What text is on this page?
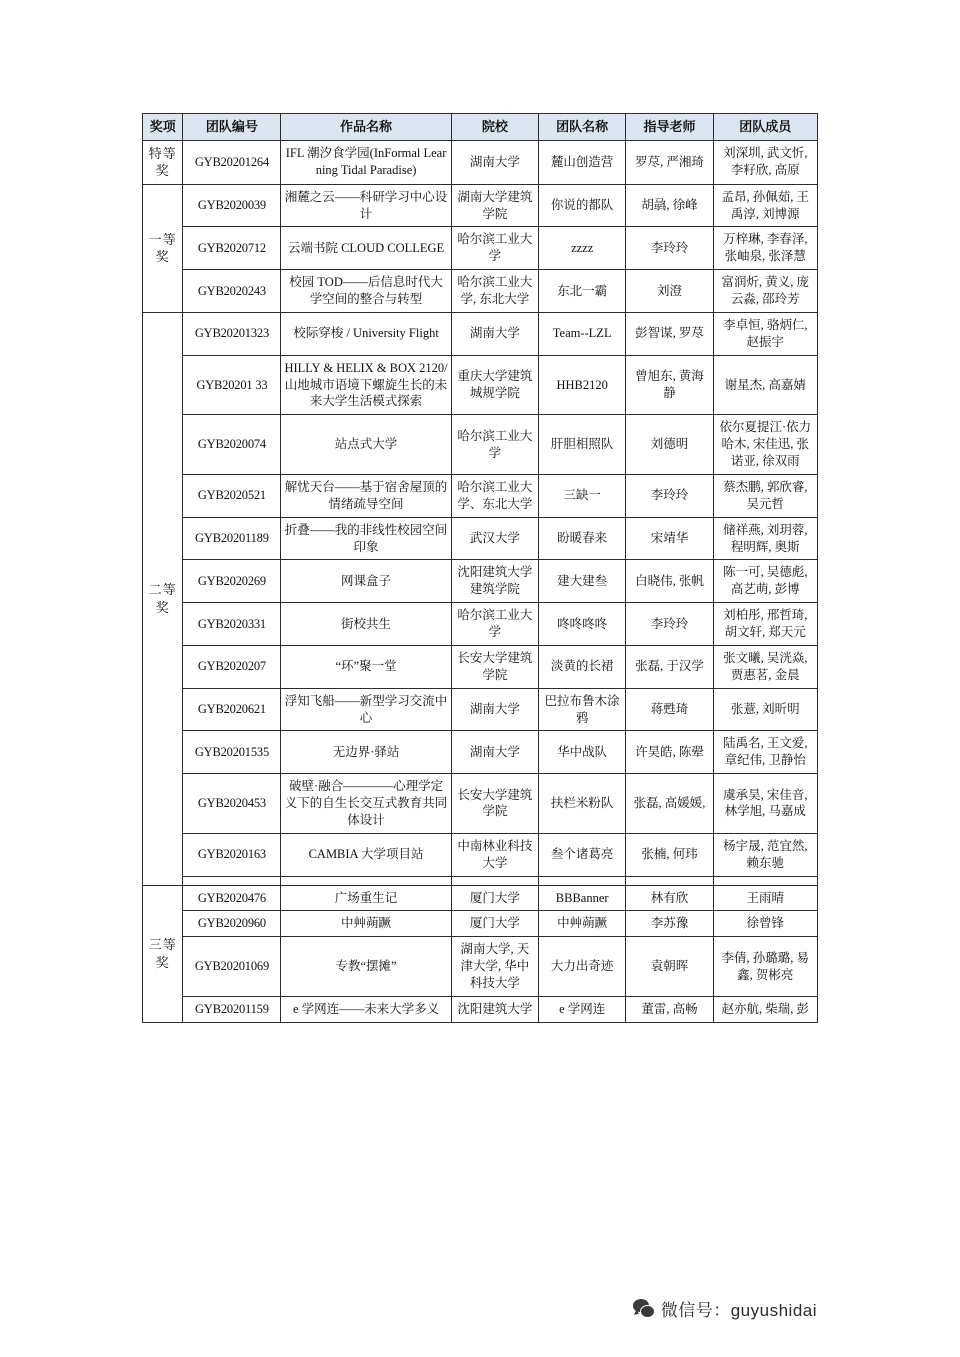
奖项	团队编号	作品名称	院校	团队名称	指导老师	团队成员
特等奖	GYB20201264	IFL 潮汐食学园(InFormal Learning Tidal Paradise)	湖南大学	麓山创造营	罗荩, 严湘琦	刘深圳, 武文忻, 李籽欣, 高原
一等奖	GYB2020039	湘麓之云——科研学习中心设计	湖南大学建筑学院	你说的都队	胡骉, 徐峰	孟昂, 孙佩茹, 王禹淳, 刘博源
	GYB2020712	云端书院 CLOUD COLLEGE	哈尔滨工业大学	zzzz	李玲玲	万梓琳, 李春泽, 张岫泉, 张泽慧
	GYB2020243	校园 TOD——后信息时代大学空间的整合与转型	哈尔滨工业大学, 东北大学	东北一霸	刘澄	富润炘, 黄义, 庞云淼, 邵玲芳
二等奖	GYB20201323	校际穿梭 / University Flight	湖南大学	Team--LZL	彭智谋, 罗荩	李卓恒, 骆炳仁, 赵振宇
	GYB20201 33	HILLY & HELIX & BOX 2120/山地城市语境下螺旋生长的未来大学生活模式探索	重庆大学建筑城规学院	HHB2120	曾旭东, 黄海静	谢星杰, 高嘉婧
	GYB2020074	站点式大学	哈尔滨工业大学	肝胆相照队	刘德明	依尔夏提江·依力哈木, 宋佳迅, 张诺亚, 徐双雨
	GYB2020521	解忧天台——基于宿舍屋顶的情绪疏导空间	哈尔滨工业大学、东北大学	三缺一	李玲玲	蔡杰鹏, 郭欣睿, 吴元哲
	GYB20201189	折叠——我的非线性校园空间印象	武汉大学	盼暖春来	宋靖华	储祥燕, 刘玥蓉, 程明辉, 奥斯
	GYB2020269	网课盒子	沈阳建筑大学建筑学院	建大建叁	白晓伟, 张帆	陈一可, 吴德彪, 高艺萌, 彭博
	GYB2020331	街校共生	哈尔滨工业大学	咚咚咚咚	李玲玲	刘柏彤, 邢哲琦, 胡文轩, 郑天元
	GYB2020207	“环”聚一堂	长安大学建筑学院	淡黄的长裙	张磊, 于汉学	张文曦, 吴洸焱, 贾惠茗, 金晨
	GYB2020621	浮知飞船——新型学习交流中心	湖南大学	巴拉布鲁木涂鸦	蒋甦琦	张薏, 刘昕明
	GYB20201535	无边界·驿站	湖南大学	华中战队	许昊皓, 陈翚	陆禹名, 王文爱, 章纪伟, 卫静怡
	GYB2020453	破壁·融合————心理学定义下的自生长交互式教育共同体设计	长安大学建筑学院	扶栏米粉队	张磊, 高媛媛,	虞承昊, 宋佳音, 林学旭, 马嘉成
	GYB2020163	CAMBIA 大学项目站	中南林业科技大学	叁个诸葛亮	张楠, 何玮	杨宇晟, 范宜然, 赖东驰

三等奖	GYB2020476	广场重生记	厦门大学	BBBanner	林有欣	王雨晴
	GYB2020960	中艸蒴蹶	厦门大学	中艸蒴蹶	李苏豫	徐曾锋
	GYB20201069	专教“摆摊”	湖南大学, 天津大学, 华中科技大学	大力出奇迹	袁朝晖	李倩, 孙璐璐, 易鑫, 贺彬亮
	GYB20201159	e 学网连——未来大学多义	沈阳建筑大学	e 学网连	董雷, 高畅	赵亦航, 柴瑞, 彭
微信号：guyushidai
